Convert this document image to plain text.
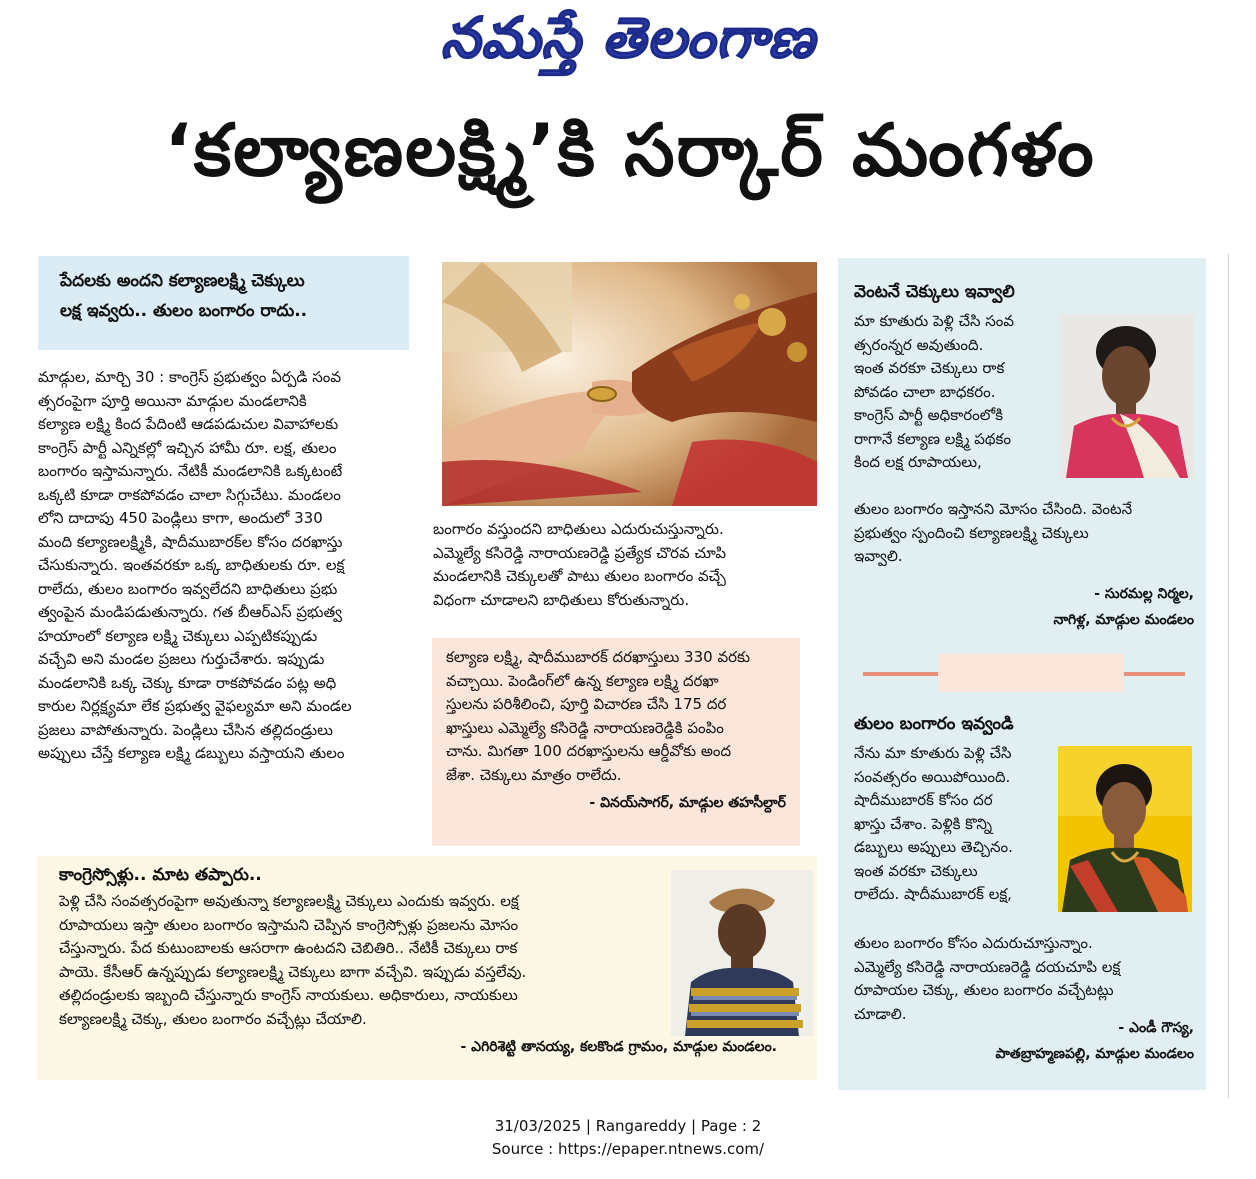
నమస్తే తెలంగాణ
‘కల్యాణలక్ష్మి’కి సర్కార్ మంగళం
పేదలకు అందని కల్యాణలక్ష్మి చెక్కులు
లక్ష ఇవ్వరు.. తులం బంగారం రాదు..
మాడ్గుల, మార్చి 30 : కాంగ్రెస్ ప్రభుత్వం ఏర్పడి సంవ
త్సరంపైగా పూర్తి అయినా మాడ్గుల మండలానికి
కల్యాణ లక్ష్మి కింద పేదింటి ఆడపడుచుల వివాహాలకు
కాంగ్రెస్ పార్టీ ఎన్నికల్లో ఇచ్చిన హామీ రూ. లక్ష, తులం
బంగారం ఇస్తామన్నారు. నేటికీ మండలానికి ఒక్కటంటే
ఒక్కటి కూడా రాకపోవడం చాలా సిగ్గుచేటు. మండలం
లోని దాదాపు 450 పెండ్లిలు కాగా, అందులో 330
మంది కల్యాణలక్ష్మికి, షాదీముబారక్‌ల కోసం దరఖాస్తు
చేసుకున్నారు. ఇంతవరకూ ఒక్క బాధితులకు రూ. లక్ష
రాలేదు, తులం బంగారం ఇవ్వలేదని బాధితులు ప్రభు
త్వంపైన మండిపడుతున్నారు. గత బీఆర్ఎస్ ప్రభుత్వ
హయాంలో కల్యాణ లక్ష్మి చెక్కులు ఎప్పటికప్పుడు
వచ్చేవి అని మండల ప్రజలు గుర్తుచేశారు. ఇప్పుడు
మండలానికి ఒక్క చెక్కు కూడా రాకపోవడం పట్ల అధి
కారుల నిర్లక్ష్యమా లేక ప్రభుత్వ వైఫల్యమా అని మండల
ప్రజలు వాపోతున్నారు. పెండ్లిలు చేసిన తల్లిదండ్రులు
అప్పులు చేస్తే కల్యాణ లక్ష్మి డబ్బులు వస్తాయని తులం
బంగారం వస్తుందని బాధితులు ఎదురుచుస్తున్నారు.
ఎమ్మెల్యే కసిరెడ్డి నారాయణరెడ్డి ప్రత్యేక చొరవ చూపి
మండలానికి చెక్కులతో పాటు తులం బంగారం వచ్చే
విధంగా చూడాలని బాధితులు కోరుతున్నారు.
కల్యాణ లక్ష్మి, షాదీముబారక్ దరఖాస్తులు 330 వరకు
వచ్చాయి. పెండింగ్‌లో ఉన్న కల్యాణ లక్ష్మి దరఖా
స్తులను పరిశీలించి, పూర్తి విచారణ చేసి 175 దర
ఖాస్తులు ఎమ్మెల్యే కసిరెడ్డి నారాయణరెడ్డికి పంపిం
చాను. మిగతా 100 దరఖాస్తులను ఆర్డీవోకు అంద
జేశా. చెక్కులు మాత్రం రాలేదు.
- వినయ్‌సాగర్, మాడ్గుల తహసీల్దార్
కాంగ్రెస్సోళ్లు.. మాట తప్పారు..
పెళ్లి చేసి సంవత్సరంపైగా అవుతున్నా కల్యాణలక్ష్మి చెక్కులు ఎందుకు ఇవ్వరు. లక్ష
రూపాయలు ఇస్తా తులం బంగారం ఇస్తామని చెప్పిన కాంగ్రెస్సోళ్లు ప్రజలను మోసం
చేస్తున్నారు. పేద కుటుంబాలకు ఆసరాగా ఉంటదని చెబితిరి.. నేటికీ చెక్కులు రాక
పాయె. కేసీఆర్ ఉన్నప్పుడు కల్యాణలక్ష్మి చెక్కులు బాగా వచ్చేవి. ఇప్పుడు వస్తలేవు.
తల్లిదండ్రులకు ఇబ్బంది చేస్తున్నారు కాంగ్రెస్ నాయకులు. అధికారులు, నాయకులు
కల్యాణలక్ష్మి చెక్కు, తులం బంగారం వచ్చేట్లు చేయాలి.
- ఎగిరిశెట్టి తానయ్య, కలకొండ గ్రామం, మాడ్గుల మండలం.
వెంటనే చెక్కులు ఇవ్వాలి
మా కూతురు పెళ్లి చేసి సంవ
త్సరంన్నర అవుతుంది.
ఇంత వరకూ చెక్కులు రాక
పోవడం చాలా బాధకరం.
కాంగ్రెస్ పార్టీ అధికారంలోకి
రాగానే కల్యాణ లక్ష్మి పథకం
కింద లక్ష రూపాయలు,
తులం బంగారం ఇస్తానని మోసం చేసింది. వెంటనే
ప్రభుత్వం స్పందించి కల్యాణలక్ష్మి చెక్కులు
ఇవ్వాలి.
- సురమల్ల నిర్మల,
నాగిళ్ల, మాడ్గుల మండలం
తులం బంగారం ఇవ్వండి
నేను మా కూతురు పెళ్లి చేసి
సంవత్సరం అయిపోయింది.
షాదీముబారక్ కోసం దర
ఖాస్తు చేశాం. పెళ్లికి కొన్ని
డబ్బులు అప్పులు తెచ్చినం.
ఇంత వరకూ చెక్కులు
రాలేదు. షాదీముబారక్ లక్ష,
తులం బంగారం కోసం ఎదురుచూస్తున్నాం.
ఎమ్మెల్యే కసిరెడ్డి నారాయణరెడ్డి దయచూపి లక్ష
రూపాయల చెక్కు, తులం బంగారం వచ్చేటట్లు
చూడాలి.
- ఎండీ గౌస్య,
పాతబ్రాహ్మణపల్లి, మాడ్గుల మండలం
31/03/2025 | Rangareddy | Page : 2
Source : https://epaper.ntnews.com/
